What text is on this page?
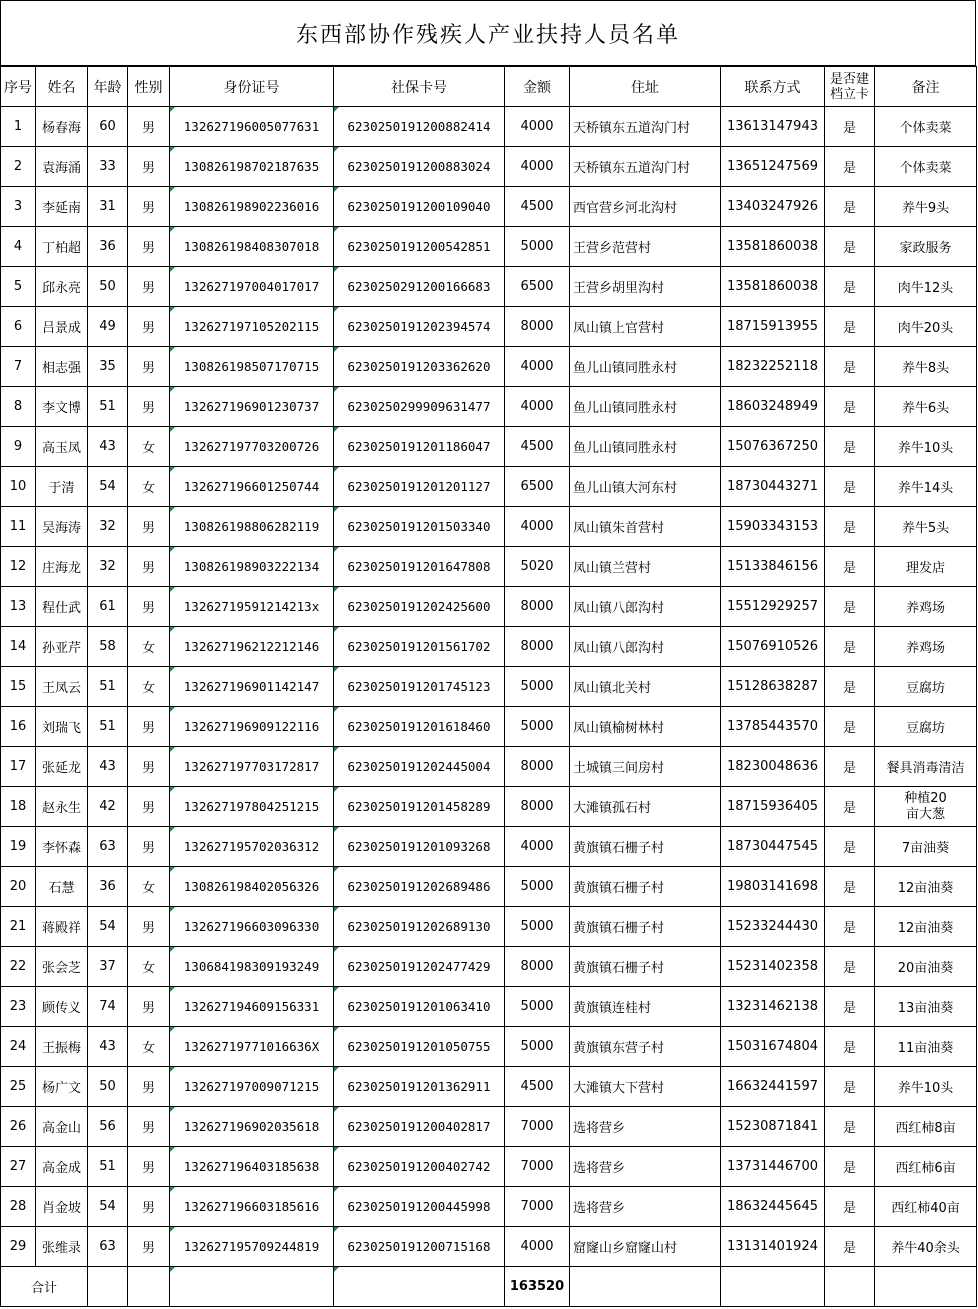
东西部协作残疾人产业扶持人员名单
序号	姓名	年龄	性别	身份证号	社保卡号	金额	住址	联系方式	是否建档立卡	备注
1	杨春海	60	男	132627196005077631	6230250191200882414	4000	天桥镇东五道沟门村	13613147943	是	个体卖菜
2	袁海涌	33	男	130826198702187635	6230250191200883024	4000	天桥镇东五道沟门村	13651247569	是	个体卖菜
3	李延南	31	男	130826198902236016	6230250191200109040	4500	西官营乡河北沟村	13403247926	是	养牛9头
4	丁柏超	36	男	130826198408307018	6230250191200542851	5000	王营乡范营村	13581860038	是	家政服务
5	邱永亮	50	男	132627197004017017	6230250291200166683	6500	王营乡胡里沟村	13581860038	是	肉牛12头
6	吕景成	49	男	132627197105202115	6230250191202394574	8000	凤山镇上官营村	18715913955	是	肉牛20头
7	相志强	35	男	130826198507170715	6230250191203362620	4000	鱼儿山镇同胜永村	18232252118	是	养牛8头
8	李文博	51	男	132627196901230737	6230250299909631477	4000	鱼儿山镇同胜永村	18603248949	是	养牛6头
9	高玉凤	43	女	132627197703200726	6230250191201186047	4500	鱼儿山镇同胜永村	15076367250	是	养牛10头
10	于清	54	女	132627196601250744	6230250191201201127	6500	鱼儿山镇大河东村	18730443271	是	养牛14头
11	吴海涛	32	男	130826198806282119	6230250191201503340	4000	凤山镇朱首营村	15903343153	是	养牛5头
12	庄海龙	32	男	130826198903222134	6230250191201647808	5020	凤山镇兰营村	15133846156	是	理发店
13	程仕武	61	男	13262719591214213x	6230250191202425600	8000	凤山镇八郎沟村	15512929257	是	养鸡场
14	孙亚芹	58	女	132627196212212146	6230250191201561702	8000	凤山镇八郎沟村	15076910526	是	养鸡场
15	王凤云	51	女	132627196901142147	6230250191201745123	5000	凤山镇北关村	15128638287	是	豆腐坊
16	刘瑞飞	51	男	132627196909122116	6230250191201618460	5000	凤山镇榆树林村	13785443570	是	豆腐坊
17	张延龙	43	男	132627197703172817	6230250191202445004	8000	土城镇三间房村	18230048636	是	餐具消毒清洁
18	赵永生	42	男	132627197804251215	6230250191201458289	8000	大滩镇孤石村	18715936405	是	种植20
亩大葱
19	李怀森	63	男	132627195702036312	6230250191201093268	4000	黄旗镇石栅子村	18730447545	是	7亩油葵
20	石慧	36	女	130826198402056326	6230250191202689486	5000	黄旗镇石栅子村	19803141698	是	12亩油葵
21	蒋殿祥	54	男	132627196603096330	6230250191202689130	5000	黄旗镇石栅子村	15233244430	是	12亩油葵
22	张会芝	37	女	130684198309193249	6230250191202477429	8000	黄旗镇石栅子村	15231402358	是	20亩油葵
23	顾传义	74	男	132627194609156331	6230250191201063410	5000	黄旗镇连桂村	13231462138	是	13亩油葵
24	王振梅	43	女	13262719771016636X	6230250191201050755	5000	黄旗镇东营子村	15031674804	是	11亩油葵
25	杨广文	50	男	132627197009071215	6230250191201362911	4500	大滩镇大下营村	16632441597	是	养牛10头
26	高金山	56	男	132627196902035618	6230250191200402817	7000	选将营乡	15230871841	是	西红柿8亩
27	高金成	51	男	132627196403185638	6230250191200402742	7000	选将营乡	13731446700	是	西红柿6亩
28	肖金坡	54	男	132627196603185616	6230250191200445998	7000	选将营乡	18632445645	是	西红柿40亩
29	张维录	63	男	132627195709244819	6230250191200715168	4000	窟窿山乡窟窿山村	13131401924	是	养牛40余头
合计						163520				
